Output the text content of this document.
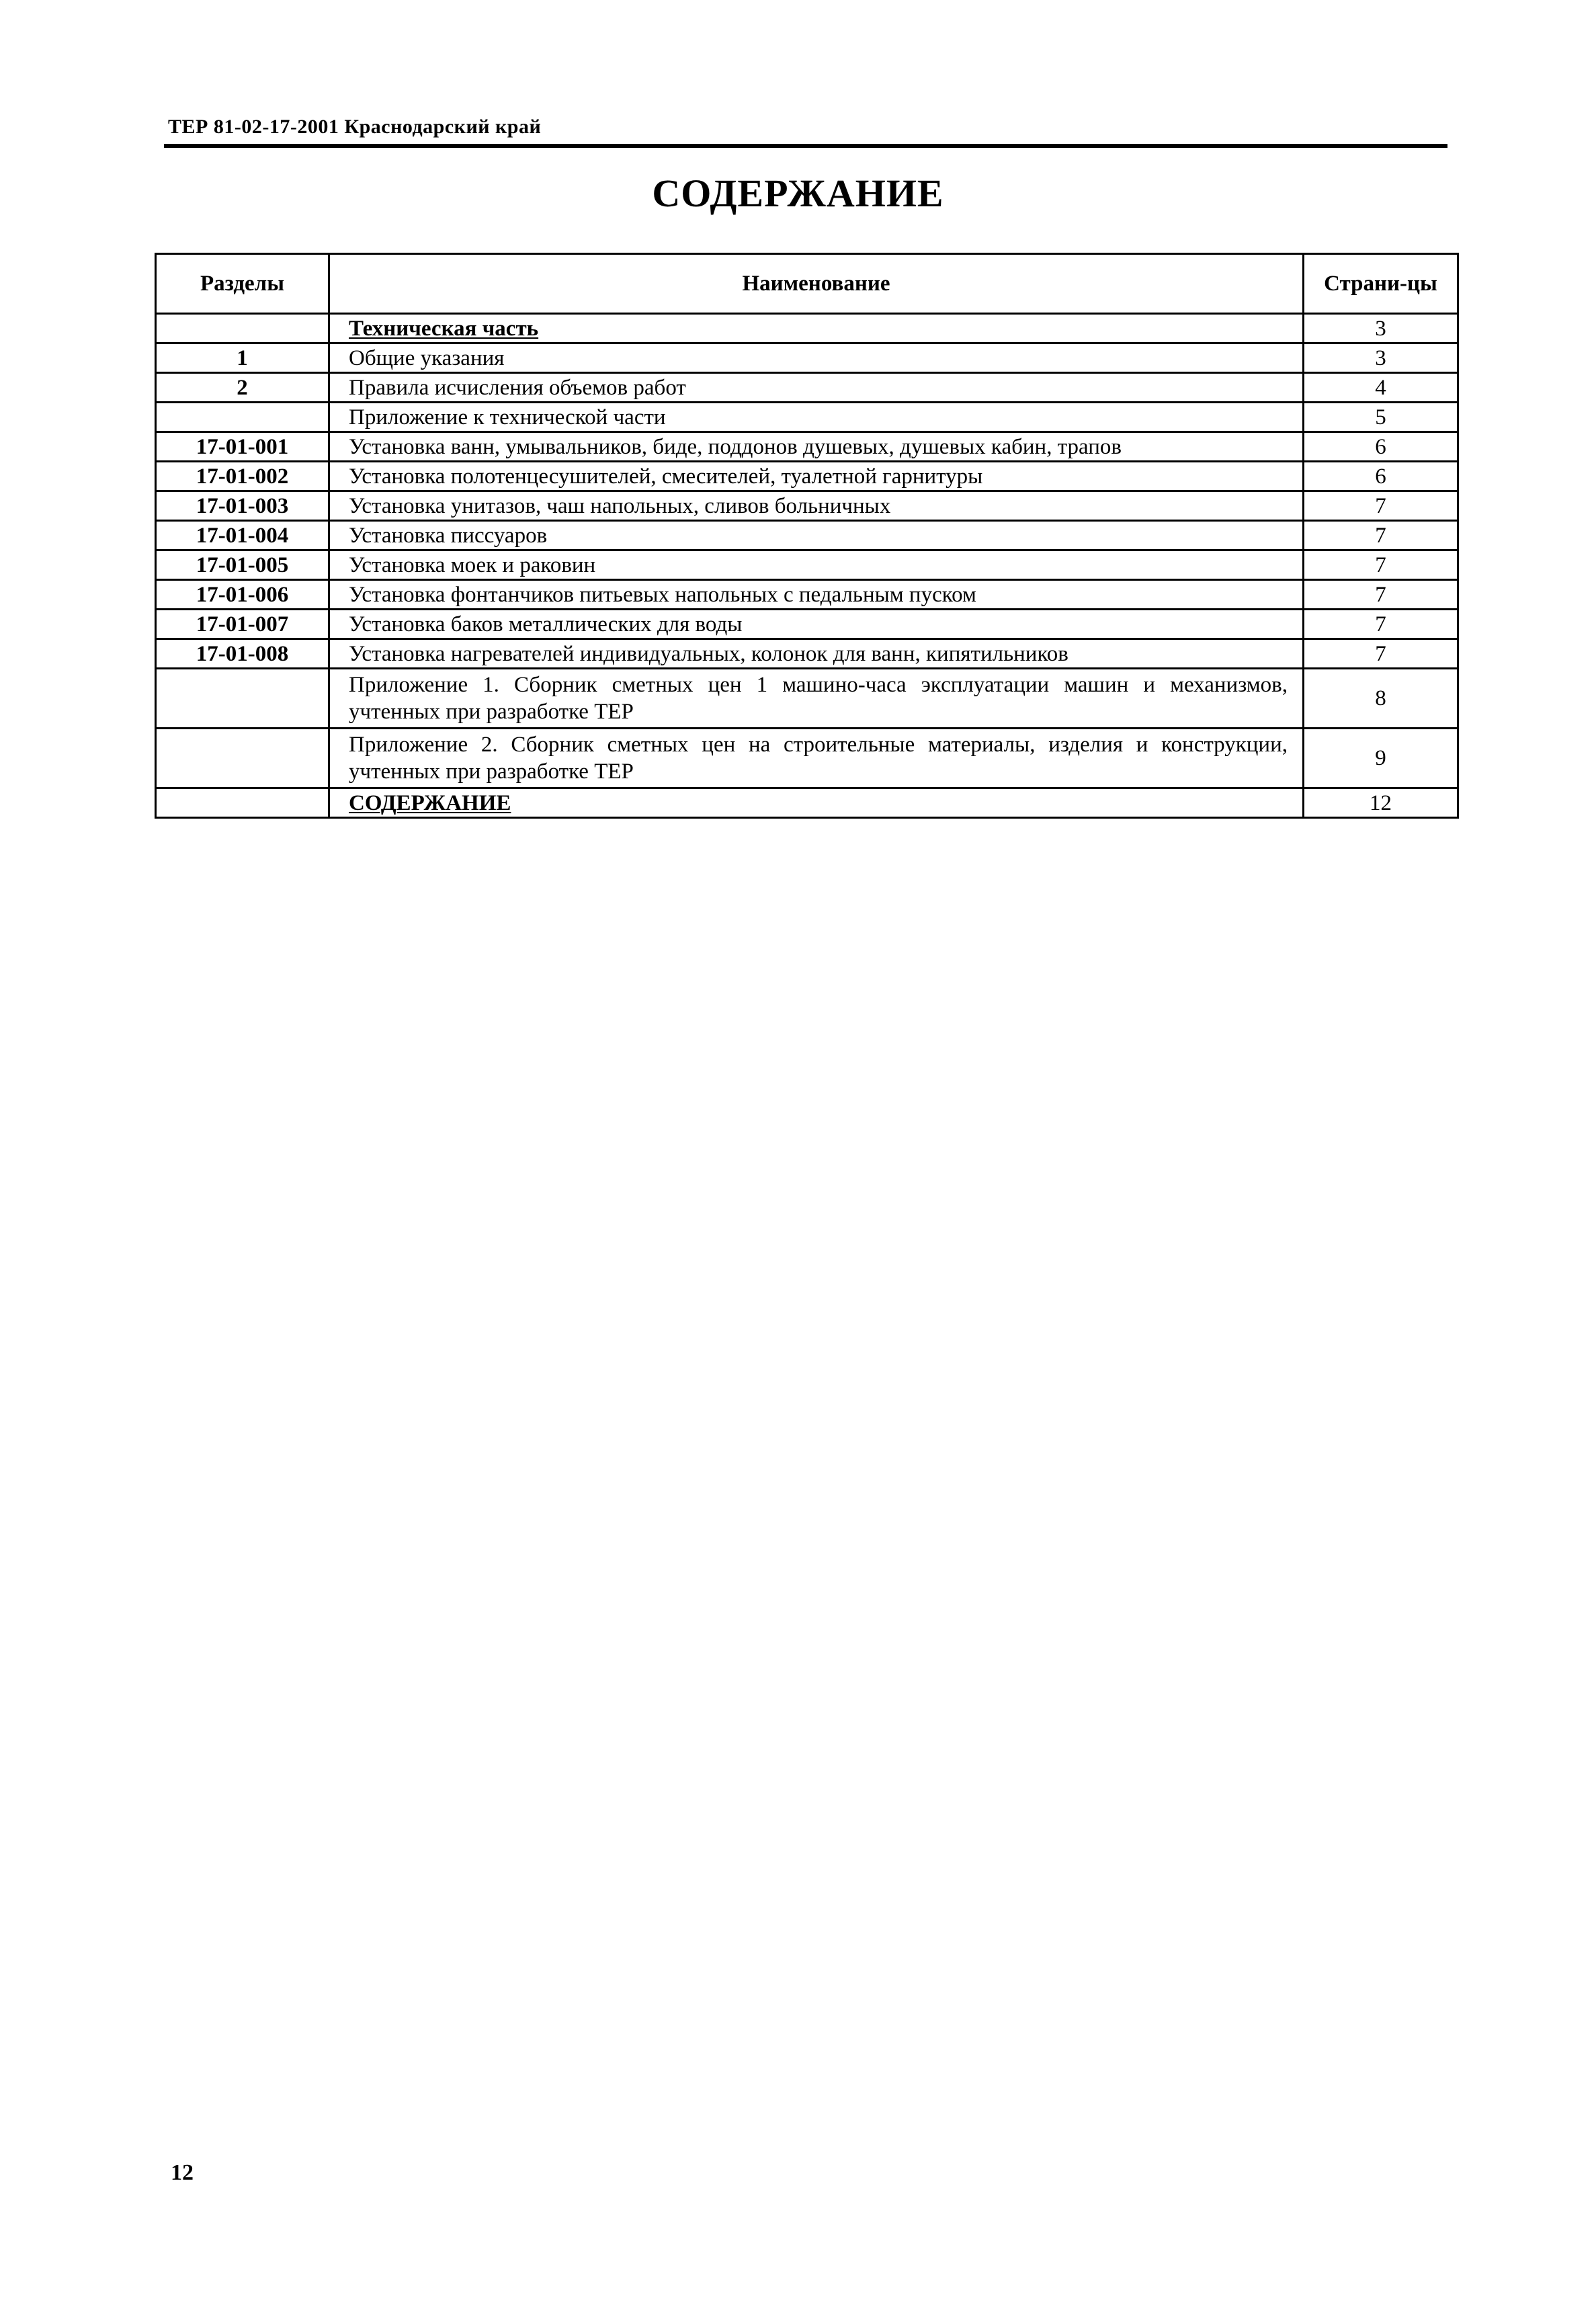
ТЕР 81-02-17-2001 Краснодарский край
СОДЕРЖАНИЕ
Разделы	Наименование	Страни-цы
	Техническая часть	3
1	Общие указания	3
2	Правила исчисления объемов работ	4
	Приложение к технической части	5
17-01-001	Установка ванн, умывальников, биде, поддонов душевых, душевых кабин, трапов	6
17-01-002	Установка полотенцесушителей, смесителей, туалетной гарнитуры	6
17-01-003	Установка унитазов, чаш напольных, сливов больничных	7
17-01-004	Установка писсуаров	7
17-01-005	Установка моек и раковин	7
17-01-006	Установка фонтанчиков питьевых напольных с педальным пуском	7
17-01-007	Установка баков металлических для воды	7
17-01-008	Установка нагревателей индивидуальных, колонок для ванн, кипятильников	7
	Приложение 1. Сборник сметных цен 1 машино-часа эксплуатации машин и механизмов, учтенных при разработке ТЕР	8
	Приложение 2. Сборник сметных цен на строительные материалы, изделия и конструкции, учтенных при разработке ТЕР	9
	СОДЕРЖАНИЕ	12
12
